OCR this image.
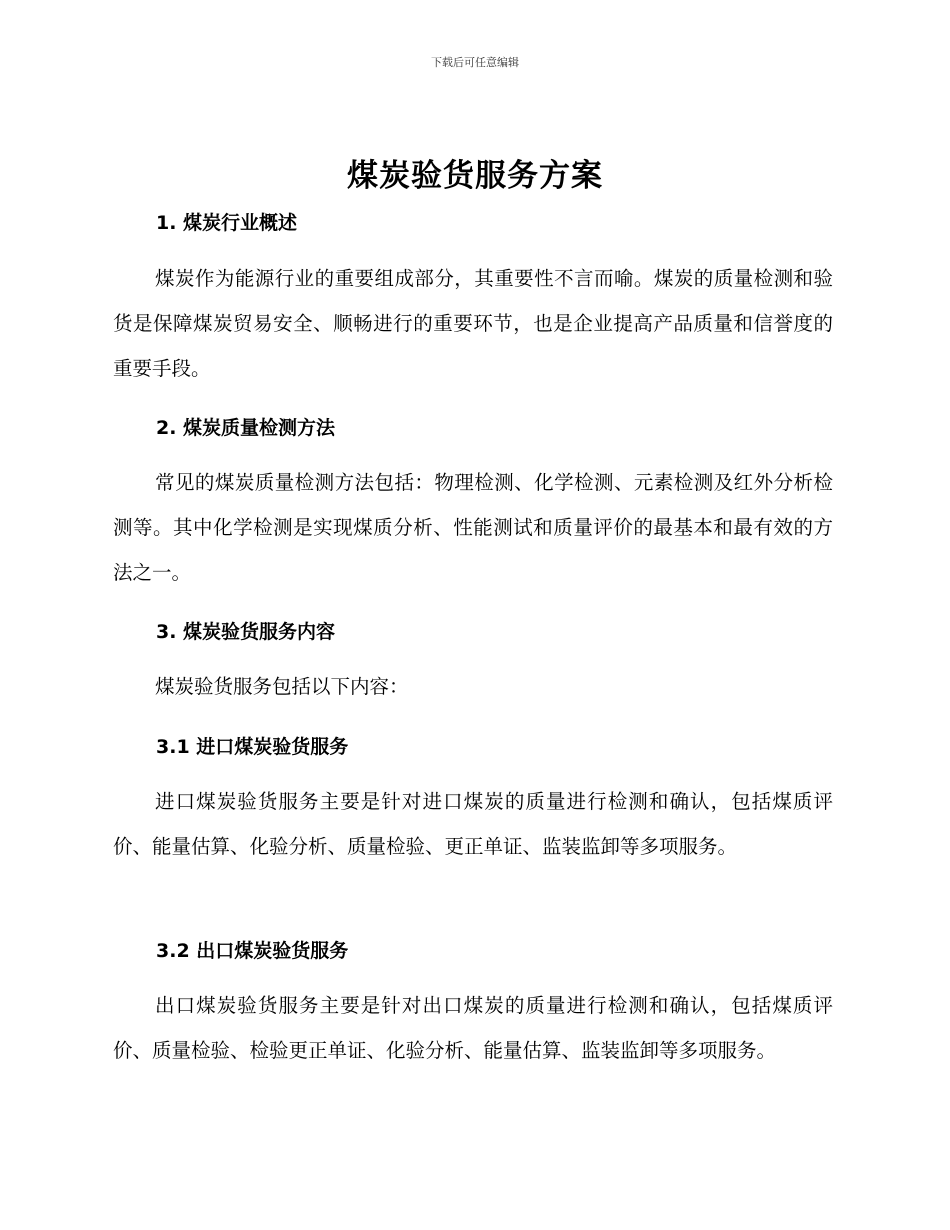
下载后可任意编辑
煤炭验货服务方案
1. 煤炭行业概述
煤炭作为能源行业的重要组成部分，其重要性不言而喻。煤炭的质量检测和验货是保障煤炭贸易安全、顺畅进行的重要环节，也是企业提高产品质量和信誉度的重要手段。
2. 煤炭质量检测方法
常见的煤炭质量检测方法包括：物理检测、化学检测、元素检测及红外分析检测等。其中化学检测是实现煤质分析、性能测试和质量评价的最基本和最有效的方法之一。
3. 煤炭验货服务内容
煤炭验货服务包括以下内容：
3.1 进口煤炭验货服务
进口煤炭验货服务主要是针对进口煤炭的质量进行检测和确认，包括煤质评价、能量估算、化验分析、质量检验、更正单证、监装监卸等多项服务。
3.2 出口煤炭验货服务
出口煤炭验货服务主要是针对出口煤炭的质量进行检测和确认，包括煤质评价、质量检验、检验更正单证、化验分析、能量估算、监装监卸等多项服务。
